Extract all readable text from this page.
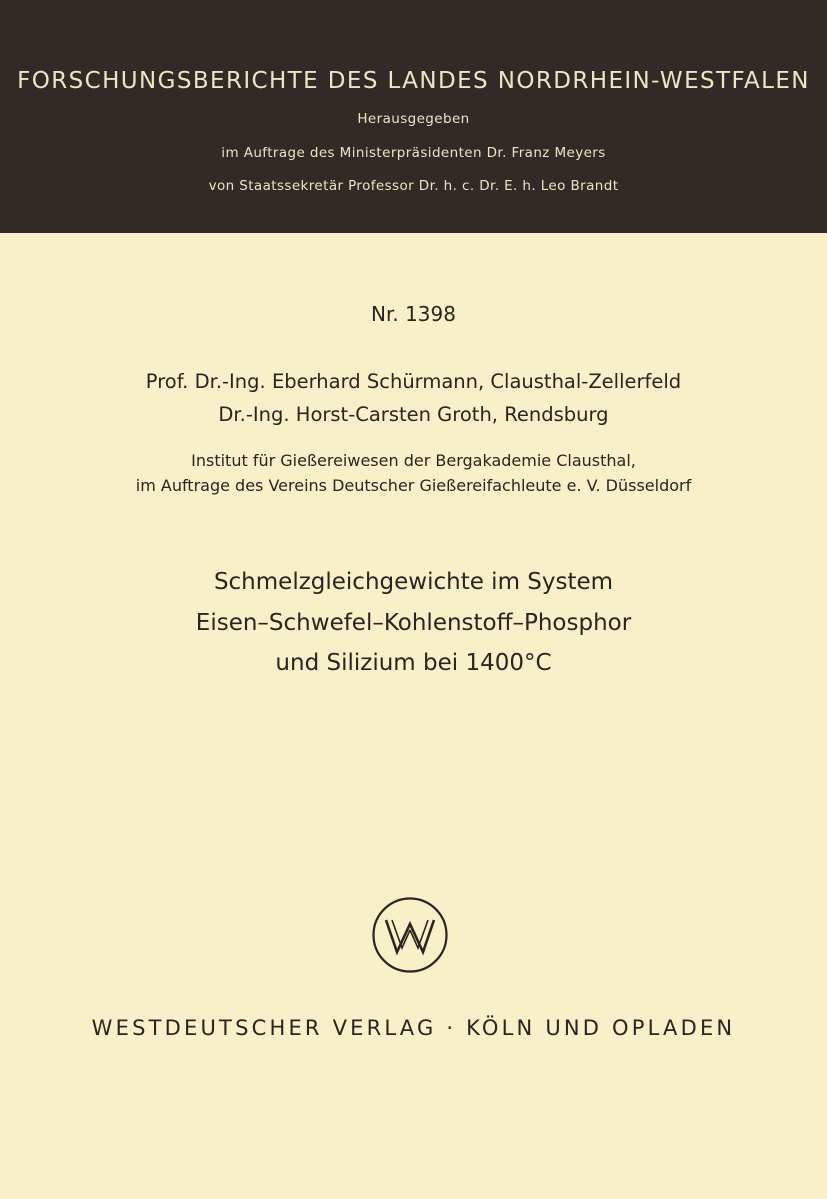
FORSCHUNGSBERICHTE DES LANDES NORDRHEIN-WESTFALEN
Herausgegeben
im Auftrage des Ministerpräsidenten Dr. Franz Meyers
von Staatssekretär Professor Dr. h. c. Dr. E. h. Leo Brandt
Nr. 1398
Prof. Dr.-Ing. Eberhard Schürmann, Clausthal-Zellerfeld
Dr.-Ing. Horst-Carsten Groth, Rendsburg
Institut für Gießereiwesen der Bergakademie Clausthal,
im Auftrage des Vereins Deutscher Gießereifachleute e. V. Düsseldorf
Schmelzgleichgewichte im System
Eisen–Schwefel–Kohlenstoff–Phosphor
und Silizium bei 1400°C
WESTDEUTSCHER VERLAG · KÖLN UND OPLADEN
